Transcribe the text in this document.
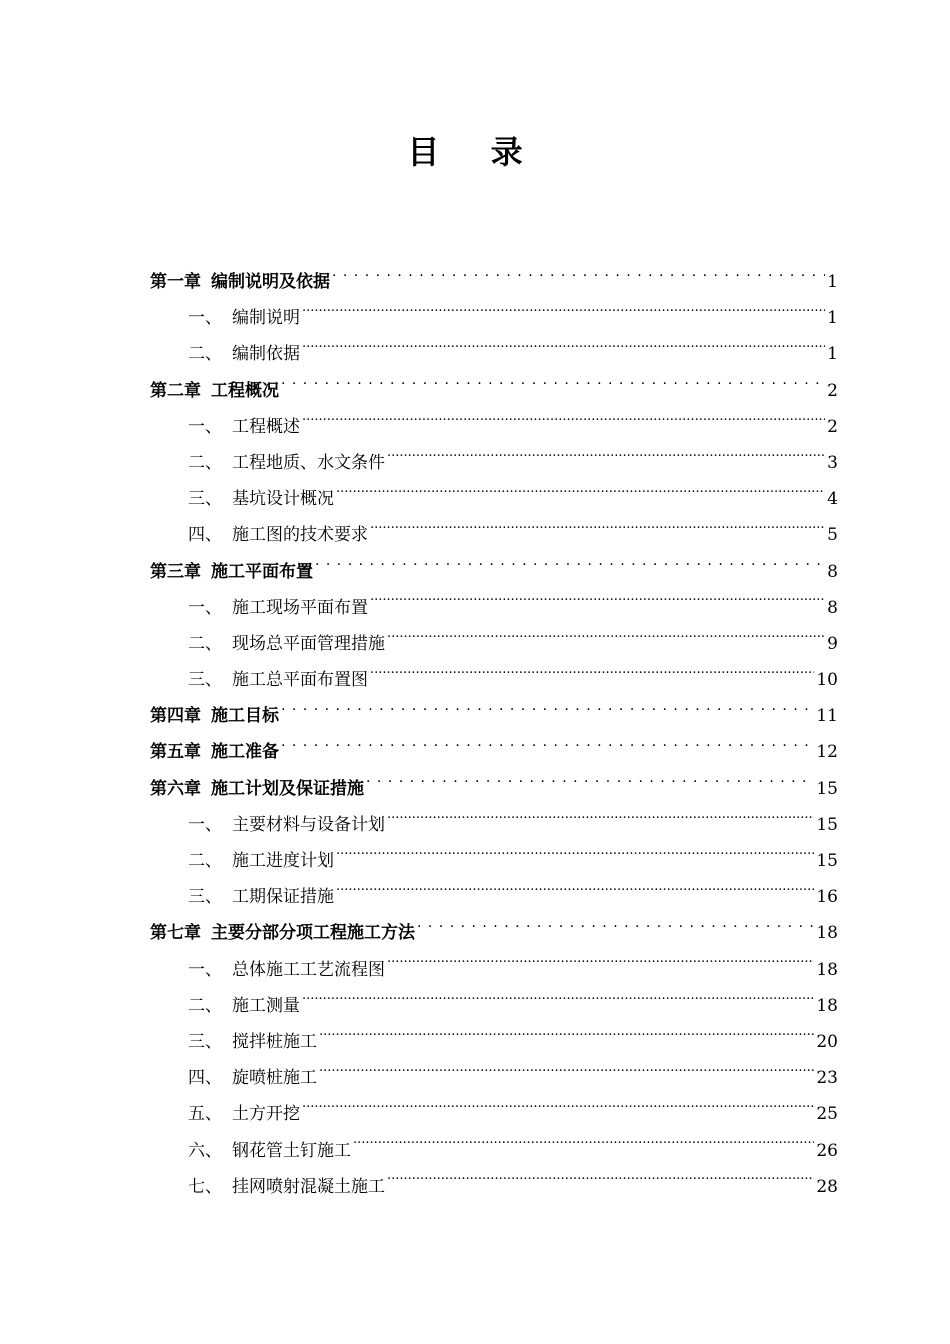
目 录
第一章 编制说明及依据 . . .	1
一、 编制说明 .....	1
二、 编制依据 .....	1
第二章 工程概况 . . .	2
一、 工程概述 .....	2
二、 工程地质、水文条件 .....	3
三、 基坑设计概况 .....	4
四、 施工图的技术要求 .....	5
第三章 施工平面布置 . . .	8
一、 施工现场平面布置 .....	8
二、 现场总平面管理措施 .....	9
三、 施工总平面布置图 .....	10
第四章 施工目标 . . .	11
第五章 施工准备 . . .	12
第六章 施工计划及保证措施 . . .	15
一、 主要材料与设备计划 .....	15
二、 施工进度计划 .....	15
三、 工期保证措施 .....	16
第七章 主要分部分项工程施工方法 . . .	18
一、 总体施工工艺流程图 .....	18
二、 施工测量 .....	18
三、 搅拌桩施工 .....	20
四、 旋喷桩施工 .....	23
五、 土方开挖 .....	25
六、 钢花管土钉施工 .....	26
七、 挂网喷射混凝土施工 .....	28
